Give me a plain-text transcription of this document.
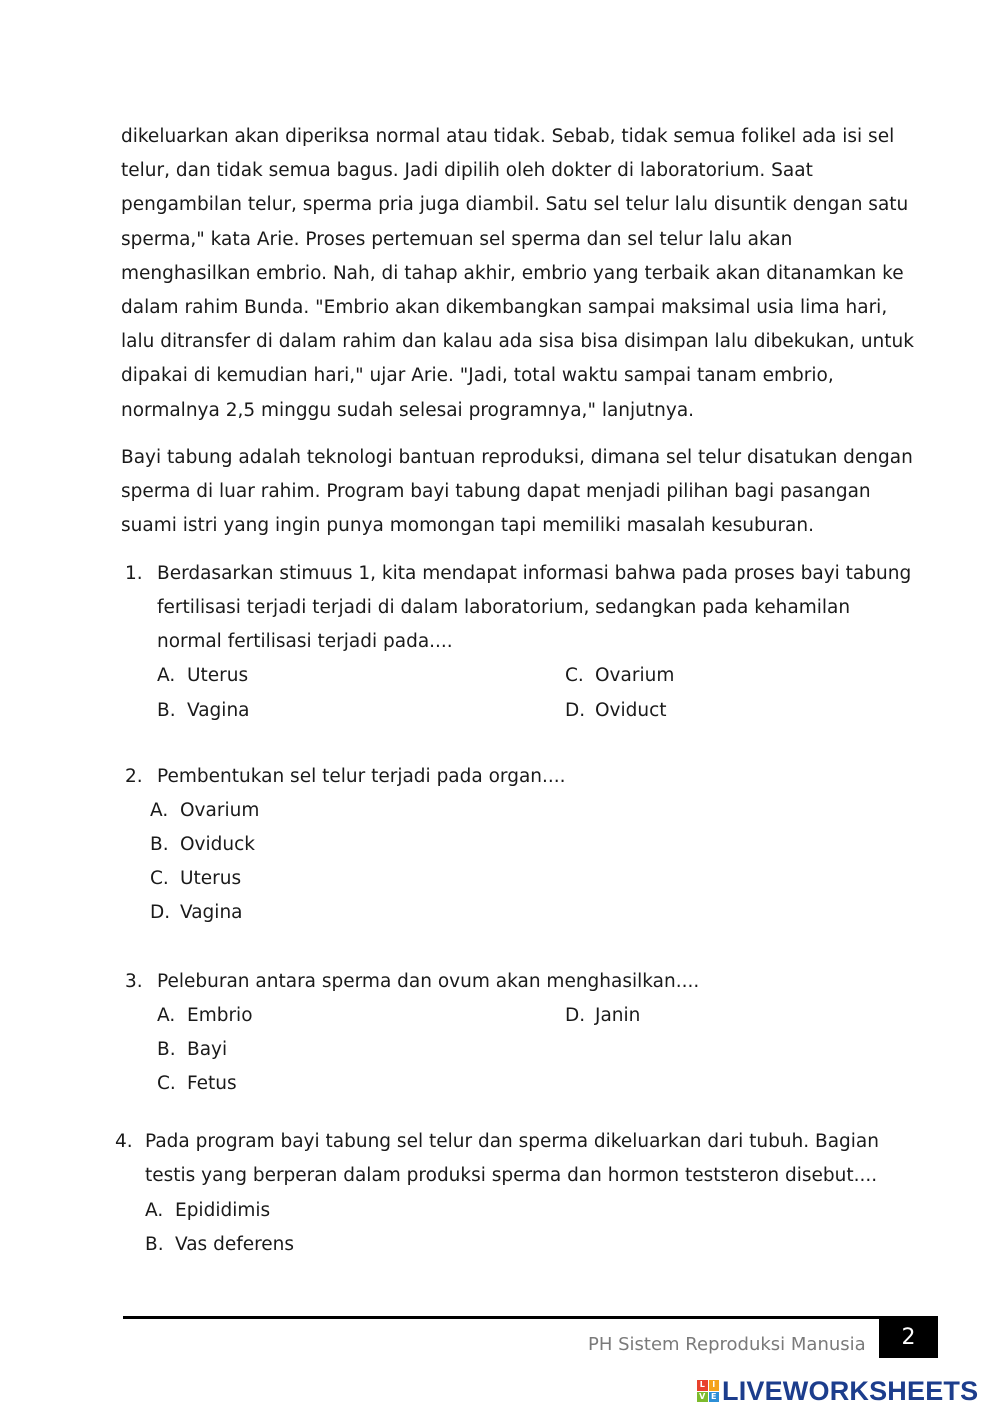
dikeluarkan akan diperiksa normal atau tidak. Sebab, tidak semua folikel ada isi sel
telur, dan tidak semua bagus. Jadi dipilih oleh dokter di laboratorium. Saat
pengambilan telur, sperma pria juga diambil. Satu sel telur lalu disuntik dengan satu
sperma," kata Arie. Proses pertemuan sel sperma dan sel telur lalu akan
menghasilkan embrio. Nah, di tahap akhir, embrio yang terbaik akan ditanamkan ke
dalam rahim Bunda. "Embrio akan dikembangkan sampai maksimal usia lima hari,
lalu ditransfer di dalam rahim dan kalau ada sisa bisa disimpan lalu dibekukan, untuk
dipakai di kemudian hari," ujar Arie. "Jadi, total waktu sampai tanam embrio,
normalnya 2,5 minggu sudah selesai programnya," lanjutnya.

Bayi tabung adalah teknologi bantuan reproduksi, dimana sel telur disatukan dengan
sperma di luar rahim. Program bayi tabung dapat menjadi pilihan bagi pasangan
suami istri yang ingin punya momongan tapi memiliki masalah kesuburan.

1. Berdasarkan stimuus 1, kita mendapat informasi bahwa pada proses bayi tabung
fertilisasi terjadi terjadi di dalam laboratorium, sedangkan pada kehamilan
normal fertilisasi terjadi pada....
A. Uterus
B. Vagina
C. Ovarium
D. Oviduct
2. Pembentukan sel telur terjadi pada organ....
A. Ovarium
B. Oviduck
C. Uterus
D. Vagina
3. Peleburan antara sperma dan ovum akan menghasilkan....
A. Embrio
B. Bayi
C. Fetus
D. Janin
4. Pada program bayi tabung sel telur dan sperma dikeluarkan dari tubuh. Bagian
testis yang berperan dalam produksi sperma dan hormon teststeron disebut....
A. Epididimis
B. Vas deferens
PH Sistem Reproduksi Manusia	2
L I
V E LIVEWORKSHEETS
